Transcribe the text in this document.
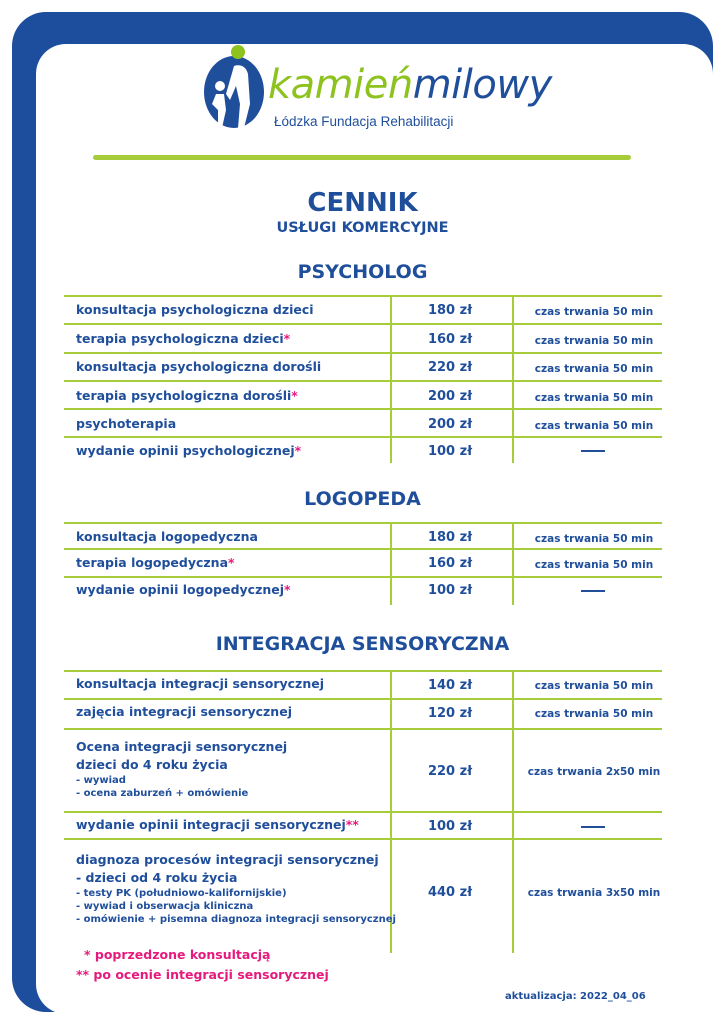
kamieńmilowy
Łódzka Fundacja Rehabilitacji
CENNIK
USŁUGI KOMERCYJNE
PSYCHOLOG
konsultacja psychologiczna dzieci	180 zł	czas trwania 50 min
terapia psychologiczna dzieci*	160 zł	czas trwania 50 min
konsultacja psychologiczna dorośli	220 zł	czas trwania 50 min
terapia psychologiczna dorośli*	200 zł	czas trwania 50 min
psychoterapia	200 zł	czas trwania 50 min
wydanie opinii psychologicznej*	100 zł
LOGOPEDA
konsultacja logopedyczna	180 zł	czas trwania 50 min
terapia logopedyczna*	160 zł	czas trwania 50 min
wydanie opinii logopedycznej*	100 zł
INTEGRACJA SENSORYCZNA
konsultacja integracji sensorycznej	140 zł	czas trwania 50 min
zajęcia integracji sensorycznej	120 zł	czas trwania 50 min
Ocena integracji sensorycznej
dzieci do 4 roku życia
- wywiad
- ocena zaburzeń + omówienie
220 zł	czas trwania 2x50 min
wydanie opinii integracji sensorycznej**	100 zł
diagnoza procesów integracji sensorycznej
- dzieci od 4 roku życia
- testy PK (południowo-kalifornijskie)
- wywiad i obserwacja kliniczna
- omówienie + pisemna diagnoza integracji sensorycznej
440 zł	czas trwania 3x50 min
* poprzedzone konsultacją
** po ocenie integracji sensorycznej
aktualizacja: 2022_04_06
